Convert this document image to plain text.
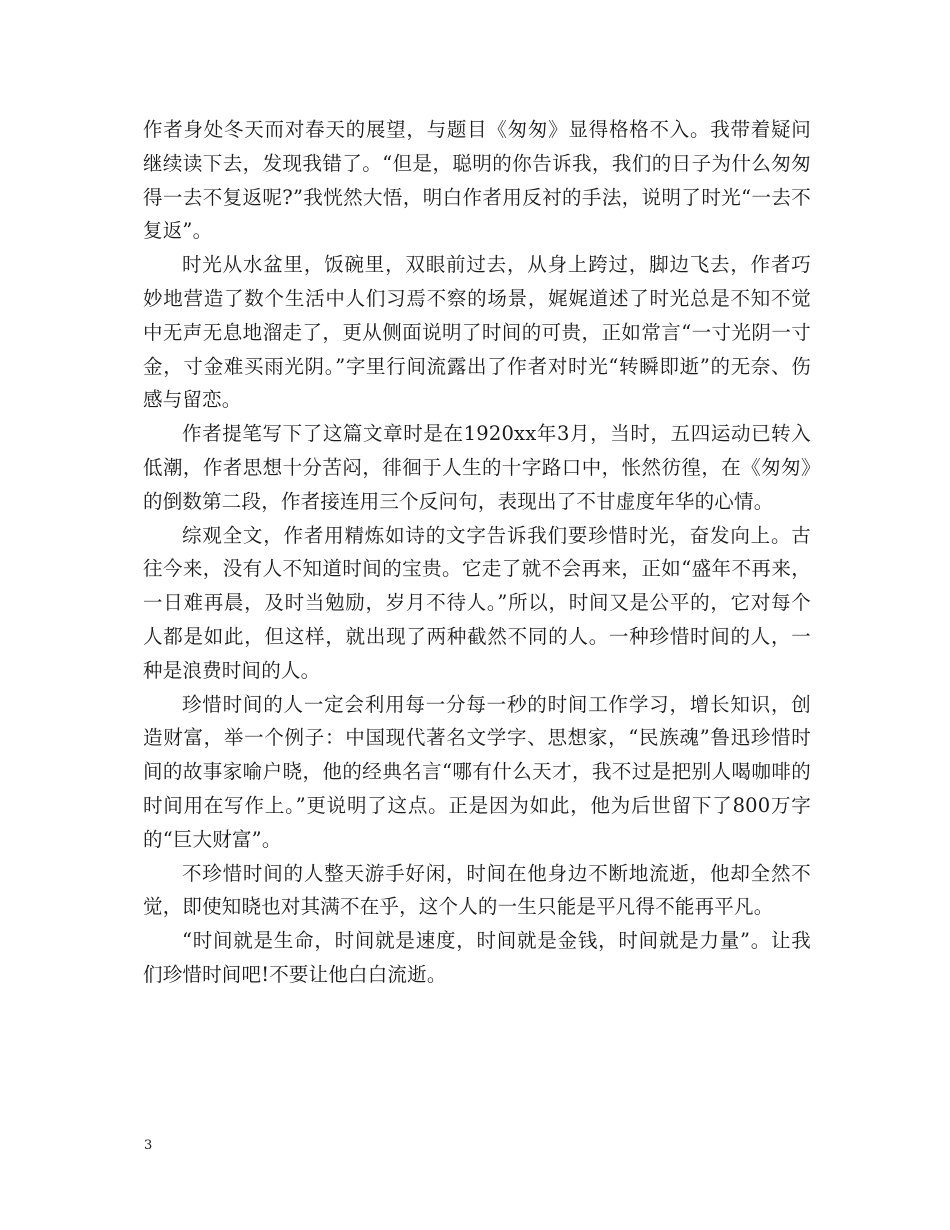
作者身处冬天而对春天的展望，与题目《匆匆》显得格格不入。我带着疑问继续读下去，发现我错了。“但是，聪明的你告诉我，我们的日子为什么匆匆得一去不复返呢?”我恍然大悟，明白作者用反衬的手法，说明了时光“一去不复返”。

时光从水盆里，饭碗里，双眼前过去，从身上跨过，脚边飞去，作者巧妙地营造了数个生活中人们习焉不察的场景，娓娓道述了时光总是不知不觉中无声无息地溜走了，更从侧面说明了时间的可贵，正如常言“一寸光阴一寸金，寸金难买雨光阴。”字里行间流露出了作者对时光“转瞬即逝”的无奈、伤感与留恋。

作者提笔写下了这篇文章时是在1920xx年3月，当时，五四运动已转入低潮，作者思想十分苦闷，徘徊于人生的十字路口中，怅然彷徨，在《匆匆》的倒数第二段，作者接连用三个反问句，表现出了不甘虚度年华的心情。

综观全文，作者用精炼如诗的文字告诉我们要珍惜时光，奋发向上。古往今来，没有人不知道时间的宝贵。它走了就不会再来，正如“盛年不再来，一日难再晨，及时当勉励，岁月不待人。”所以，时间又是公平的，它对每个人都是如此，但这样，就出现了两种截然不同的人。一种珍惜时间的人，一种是浪费时间的人。

珍惜时间的人一定会利用每一分每一秒的时间工作学习，增长知识，创造财富，举一个例子：中国现代著名文学字、思想家，“民族魂”鲁迅珍惜时间的故事家喻户晓，他的经典名言“哪有什么天才，我不过是把别人喝咖啡的时间用在写作上。”更说明了这点。正是因为如此，他为后世留下了800万字的“巨大财富”。

不珍惜时间的人整天游手好闲，时间在他身边不断地流逝，他却全然不觉，即使知晓也对其满不在乎，这个人的一生只能是平凡得不能再平凡。

“时间就是生命，时间就是速度，时间就是金钱，时间就是力量”。让我们珍惜时间吧!不要让他白白流逝。

3
